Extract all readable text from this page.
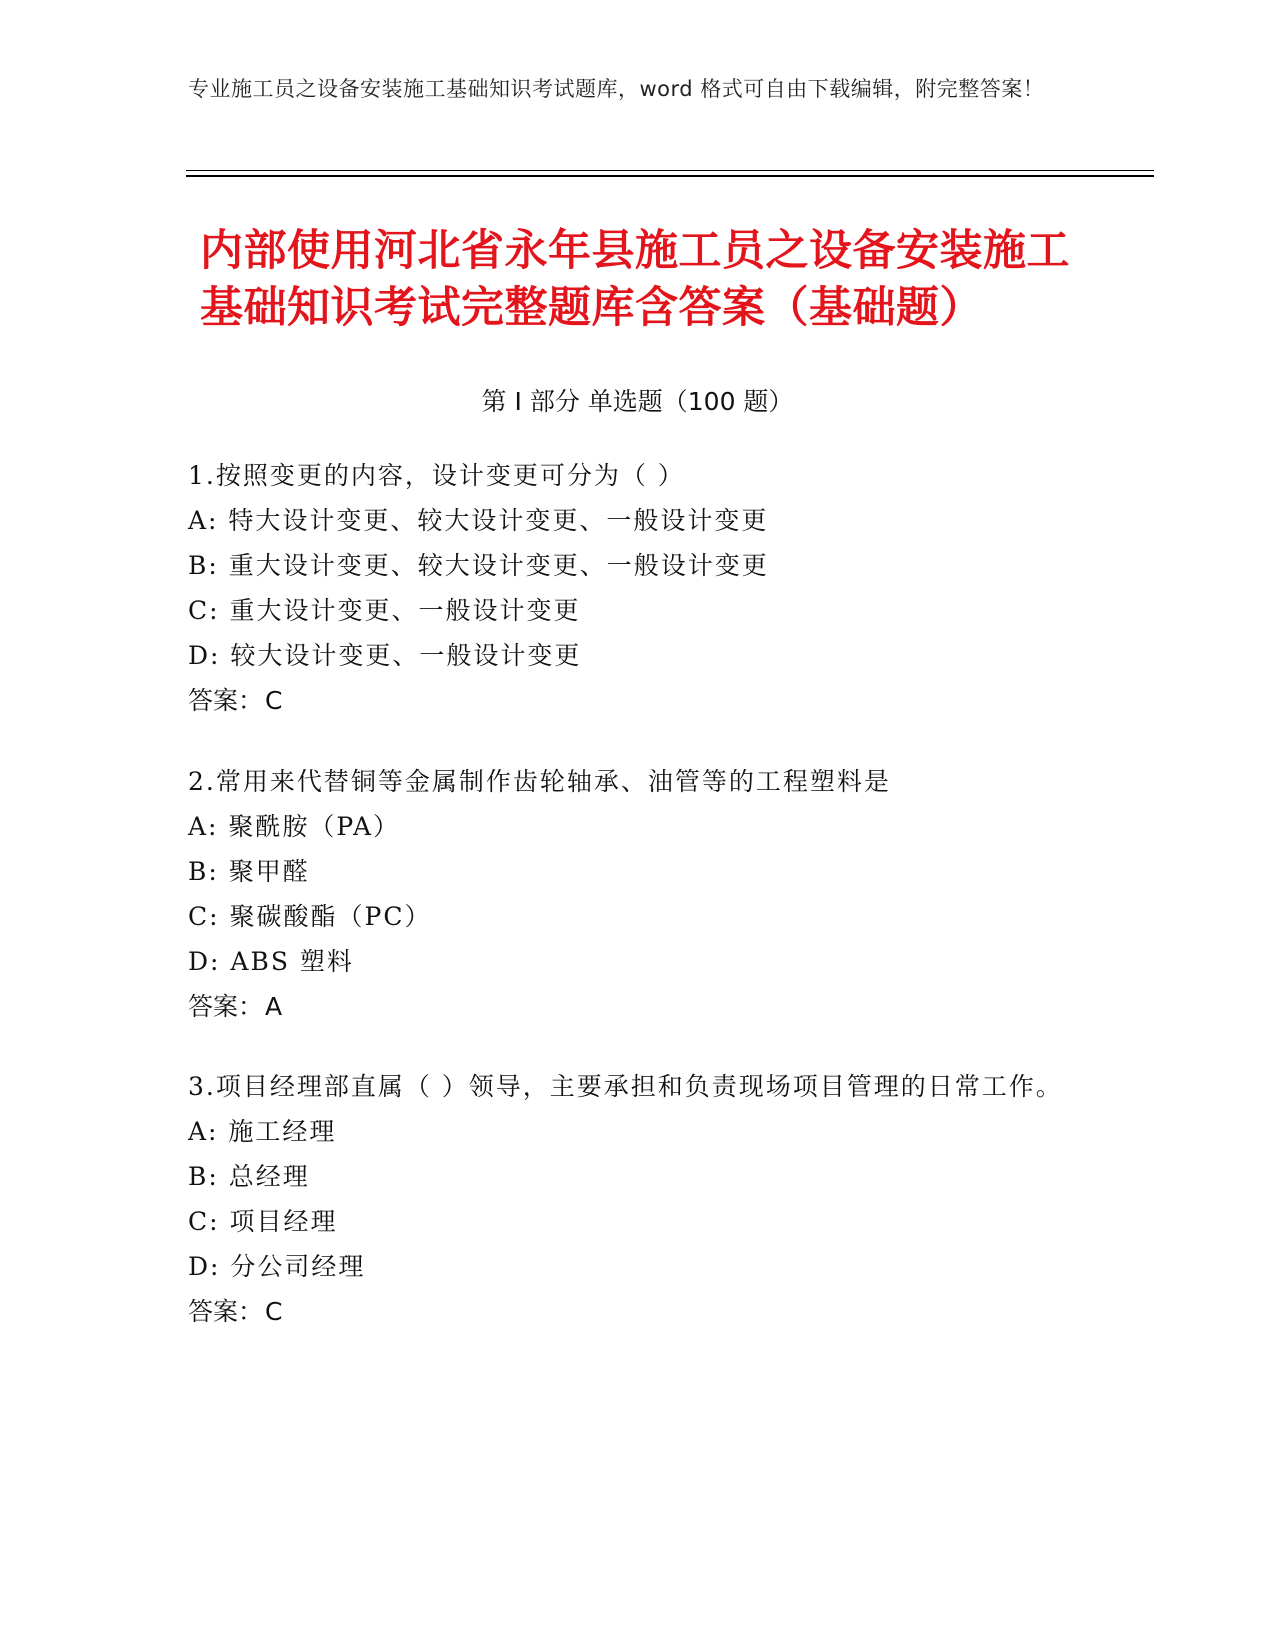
专业施工员之设备安装施工基础知识考试题库，word 格式可自由下载编辑，附完整答案！
内部使用河北省永年县施工员之设备安装施工基础知识考试完整题库含答案（基础题）
第 I 部分 单选题（100 题）
1.按照变更的内容，设计变更可分为（ ）
A: 特大设计变更、较大设计变更、一般设计变更
B: 重大设计变更、较大设计变更、一般设计变更
C: 重大设计变更、一般设计变更
D: 较大设计变更、一般设计变更
答案：C
2.常用来代替铜等金属制作齿轮轴承、油管等的工程塑料是
A: 聚酰胺（PA）
B: 聚甲醛
C: 聚碳酸酯（PC）
D: ABS 塑料
答案：A
3.项目经理部直属（ ）领导，主要承担和负责现场项目管理的日常工作。
A: 施工经理
B: 总经理
C: 项目经理
D: 分公司经理
答案：C
